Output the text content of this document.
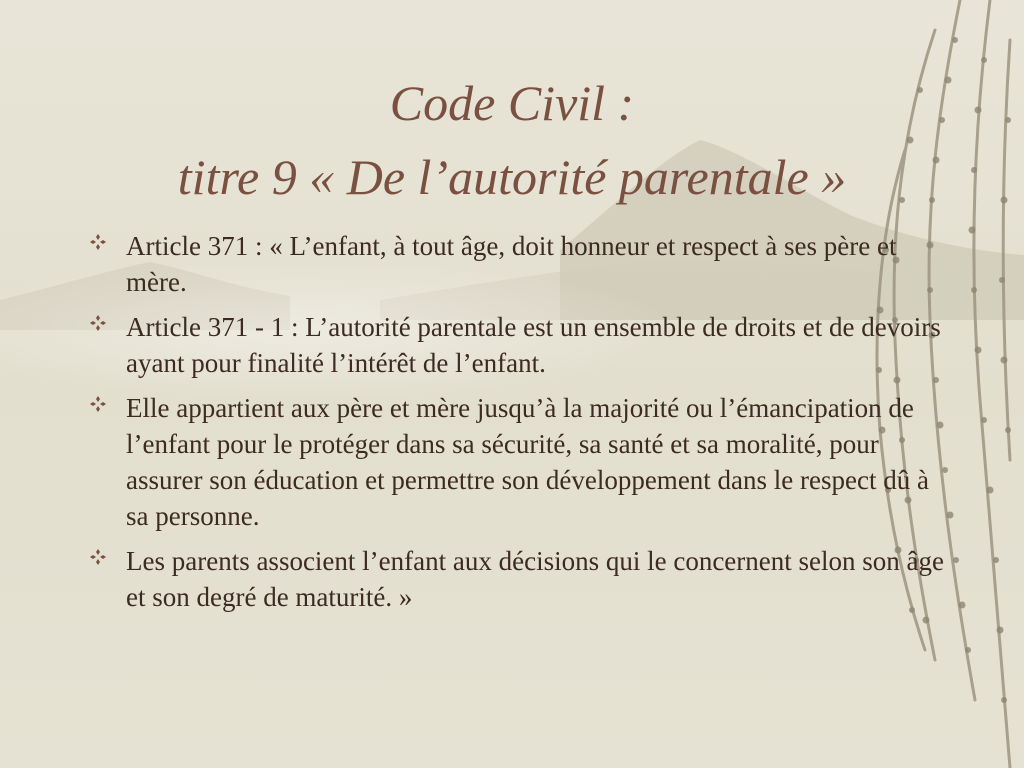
Code Civil :
titre 9 « De l’autorité parentale »
Article 371 : « L’enfant, à tout âge, doit honneur et respect à ses père et mère.
Article 371 - 1 : L’autorité parentale est un ensemble de droits et de devoirs ayant pour finalité l’intérêt de l’enfant.
Elle appartient aux père et mère jusqu’à la majorité ou l’émancipation de l’enfant pour le protéger dans sa sécurité, sa santé et sa moralité, pour assurer son éducation et permettre son développement dans le respect dû à sa personne.
Les parents associent l’enfant aux décisions qui le concernent selon son âge et son degré de maturité. »
